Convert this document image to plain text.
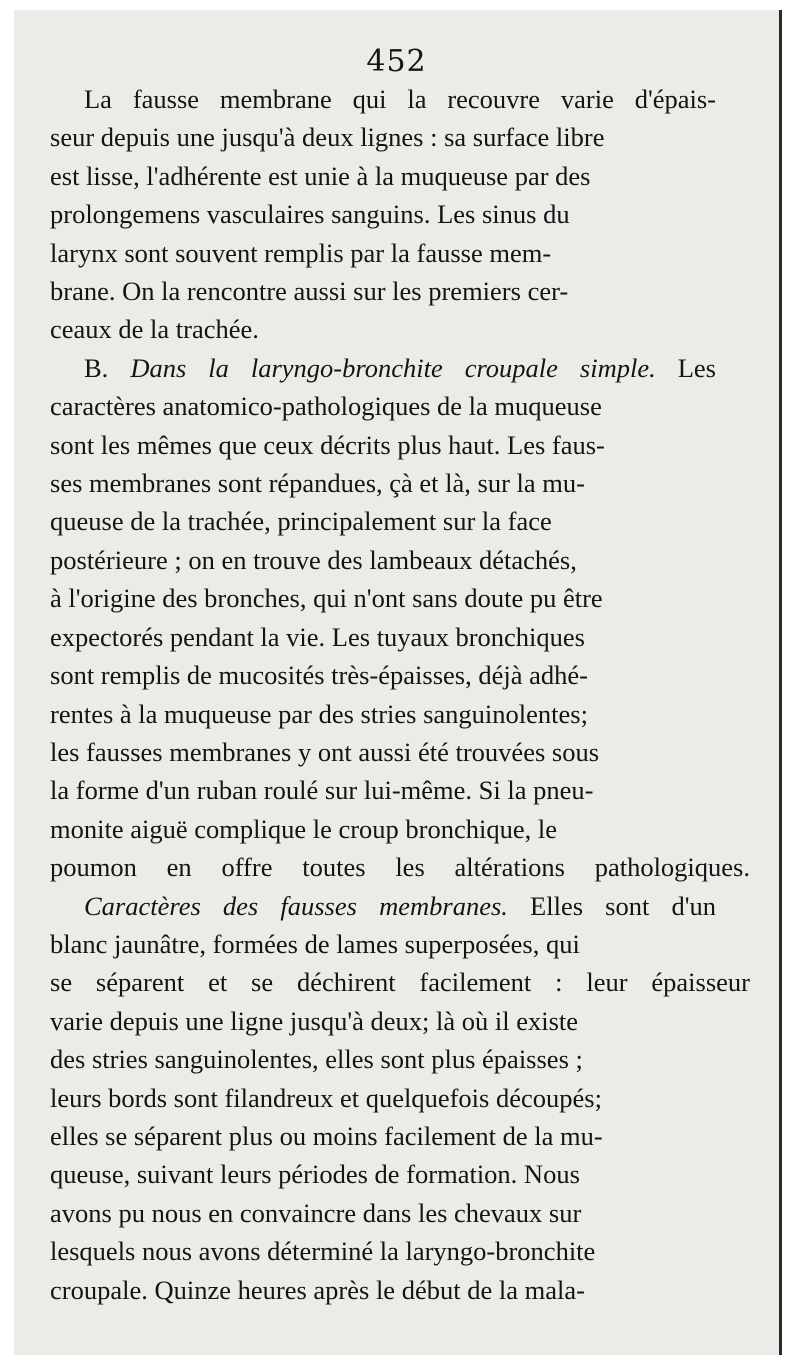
452
La fausse membrane qui la recouvre varie d'épais-
seur depuis une jusqu'à deux lignes : sa surface libre
est lisse, l'adhérente est unie à la muqueuse par des
prolongemens vasculaires sanguins. Les sinus du
larynx sont souvent remplis par la fausse mem-
brane. On la rencontre aussi sur les premiers cer-
ceaux de la trachée.
B. Dans la laryngo-bronchite croupale simple. Les
caractères anatomico-pathologiques de la muqueuse
sont les mêmes que ceux décrits plus haut. Les faus-
ses membranes sont répandues, çà et là, sur la mu-
queuse de la trachée, principalement sur la face
postérieure ; on en trouve des lambeaux détachés,
à l'origine des bronches, qui n'ont sans doute pu être
expectorés pendant la vie. Les tuyaux bronchiques
sont remplis de mucosités très-épaisses, déjà adhé-
rentes à la muqueuse par des stries sanguinolentes;
les fausses membranes y ont aussi été trouvées sous
la forme d'un ruban roulé sur lui-même. Si la pneu-
monite aiguë complique le croup bronchique, le
poumon en offre toutes les altérations pathologiques.
Caractères des fausses membranes. Elles sont d'un
blanc jaunâtre, formées de lames superposées, qui
se séparent et se déchirent facilement : leur épaisseur
varie depuis une ligne jusqu'à deux; là où il existe
des stries sanguinolentes, elles sont plus épaisses ;
leurs bords sont filandreux et quelquefois découpés;
elles se séparent plus ou moins facilement de la mu-
queuse, suivant leurs périodes de formation. Nous
avons pu nous en convaincre dans les chevaux sur
lesquels nous avons déterminé la laryngo-bronchite
croupale. Quinze heures après le début de la mala-
